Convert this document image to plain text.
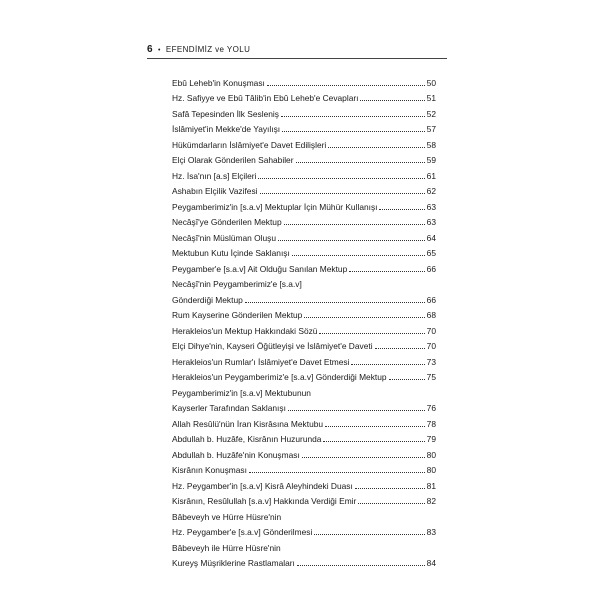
6 • EFENDİMİZ ve YOLU
Ebû Leheb'in Konuşması	50
Hz. Safiyye ve Ebû Tâlib'in Ebû Leheb'e Cevapları	51
Safâ Tepesinden İlk Sesleniş	52
İslâmiyet'in Mekke'de Yayılışı	57
Hükümdarların İslâmiyet'e Davet Edilişleri	58
Elçi Olarak Gönderilen Sahabiler	59
Hz. İsa'nın [a.s] Elçileri	61
Ashabın Elçilik Vazifesi	62
Peygamberimiz'in [s.a.v] Mektuplar İçin Mühür Kullanışı	63
Necâşî'ye Gönderilen Mektup	63
Necâşî'nin Müslüman Oluşu	64
Mektubun Kutu İçinde Saklanışı	65
Peygamber'e [s.a.v] Ait Olduğu Sanılan Mektup	66
Necâşî'nin Peygamberimiz'e [s.a.v]
Gönderdiği Mektup	66
Rum Kayserine Gönderilen Mektup	68
Herakleios'un Mektup Hakkındaki Sözü	70
Elçi Dihye'nin, Kayseri Öğütleyişi ve İslâmiyet'e Daveti	70
Herakleios'un Rumlar'ı İslâmiyet'e Davet Etmesi	73
Herakleios'un Peygamberimiz'e [s.a.v] Gönderdiği Mektup	75
Peygamberimiz'in [s.a.v] Mektubunun
Kayserler Tarafından Saklanışı	76
Allah Resûlü'nün İran Kisrâsına Mektubu	78
Abdullah b. Huzâfe, Kisrânın Huzurunda	79
Abdullah b. Huzâfe'nin Konuşması	80
Kisrânın Konuşması	80
Hz. Peygamber'in [s.a.v] Kisrâ Aleyhindeki Duası	81
Kisrânın, Resûlullah [s.a.v] Hakkında Verdiği Emir	82
Bâbeveyh ve Hürre Hüsre'nin
Hz. Peygamber'e [s.a.v] Gönderilmesi	83
Bâbeveyh ile Hürre Hüsre'nin
Kureyş Müşriklerine Rastlamaları	84
